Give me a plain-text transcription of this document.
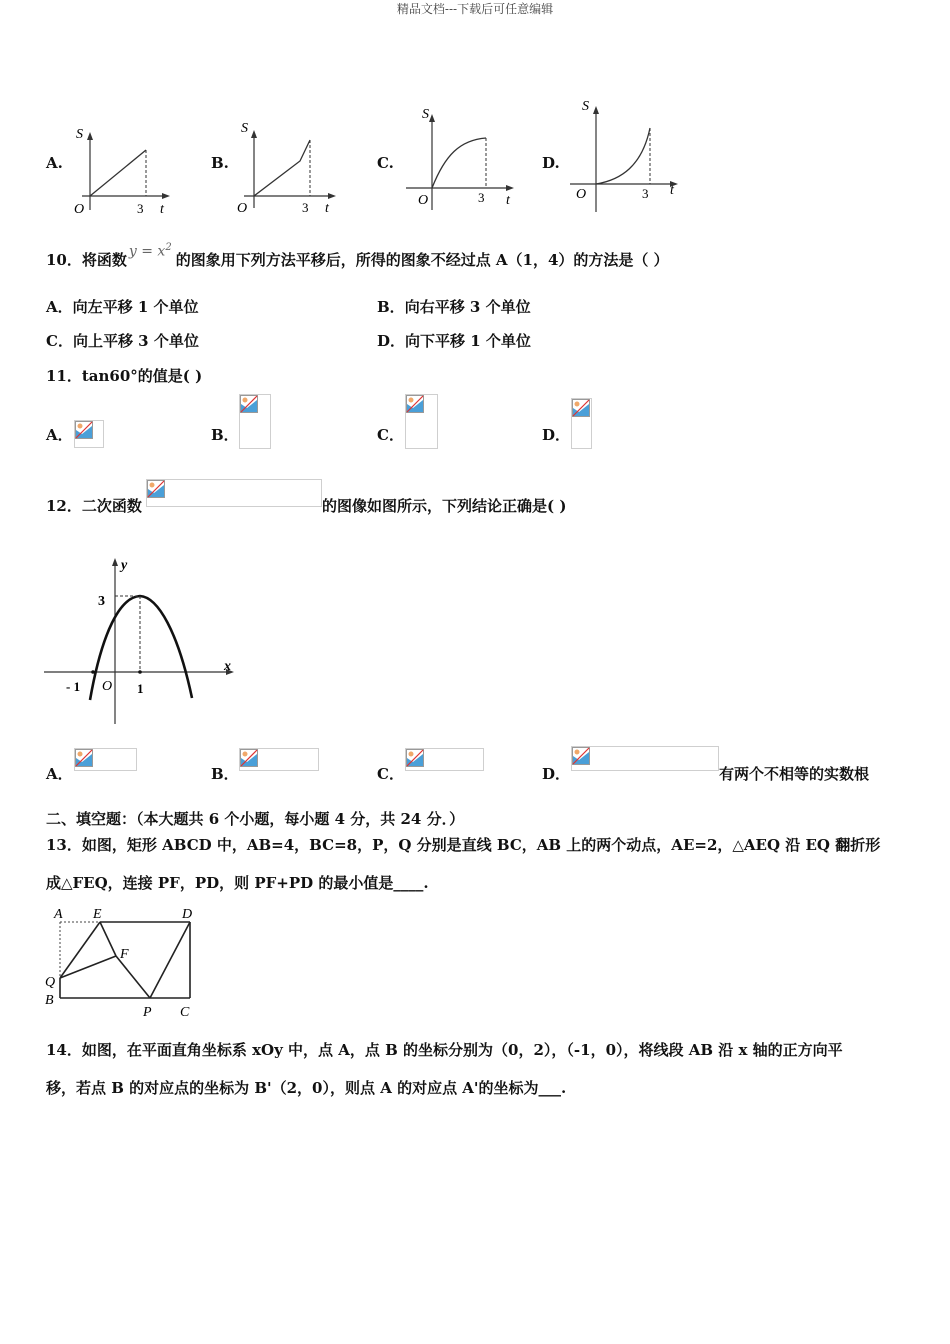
精品文档---下载后可任意编辑
A.	B.	C.	D.
S
O	3 t
S
O	3 t
S
O	3 t
S
O	3 t
10．将函数 $y = x^2$的图象用下列方法平移后，所得的图象不经过点 A（1，4）的方法是（ ）
A．向左平移 1 个单位	B．向右平移 3 个单位
C．向上平移 3 个单位	D．向下平移 1 个单位
11．tan60°的值是( )
A．	B．	C．	D．
12．二次函数	的图像如图所示，下列结论正确是( )
y
x
3
O
- 1	1
A．	B．	C．	D．	有两个不相等的实数根
二、填空题：（本大题共 6 个小题，每小题 4 分，共 24 分．）
13．如图，矩形 ABCD 中，AB=4，BC=8，P，Q 分别是直线 BC，AB 上的两个动点，AE=2，△AEQ 沿 EQ 翻折形
成△FEQ，连接 PF，PD，则 PF+PD 的最小值是____.
A E	D
F
Q
B
P C
14．如图，在平面直角坐标系 xOy 中，点 A，点 B 的坐标分别为（0，2），（-1，0），将线段 AB 沿 x 轴的正方向平
移，若点 B 的对应点的坐标为 B'（2，0），则点 A 的对应点 A'的坐标为___.
